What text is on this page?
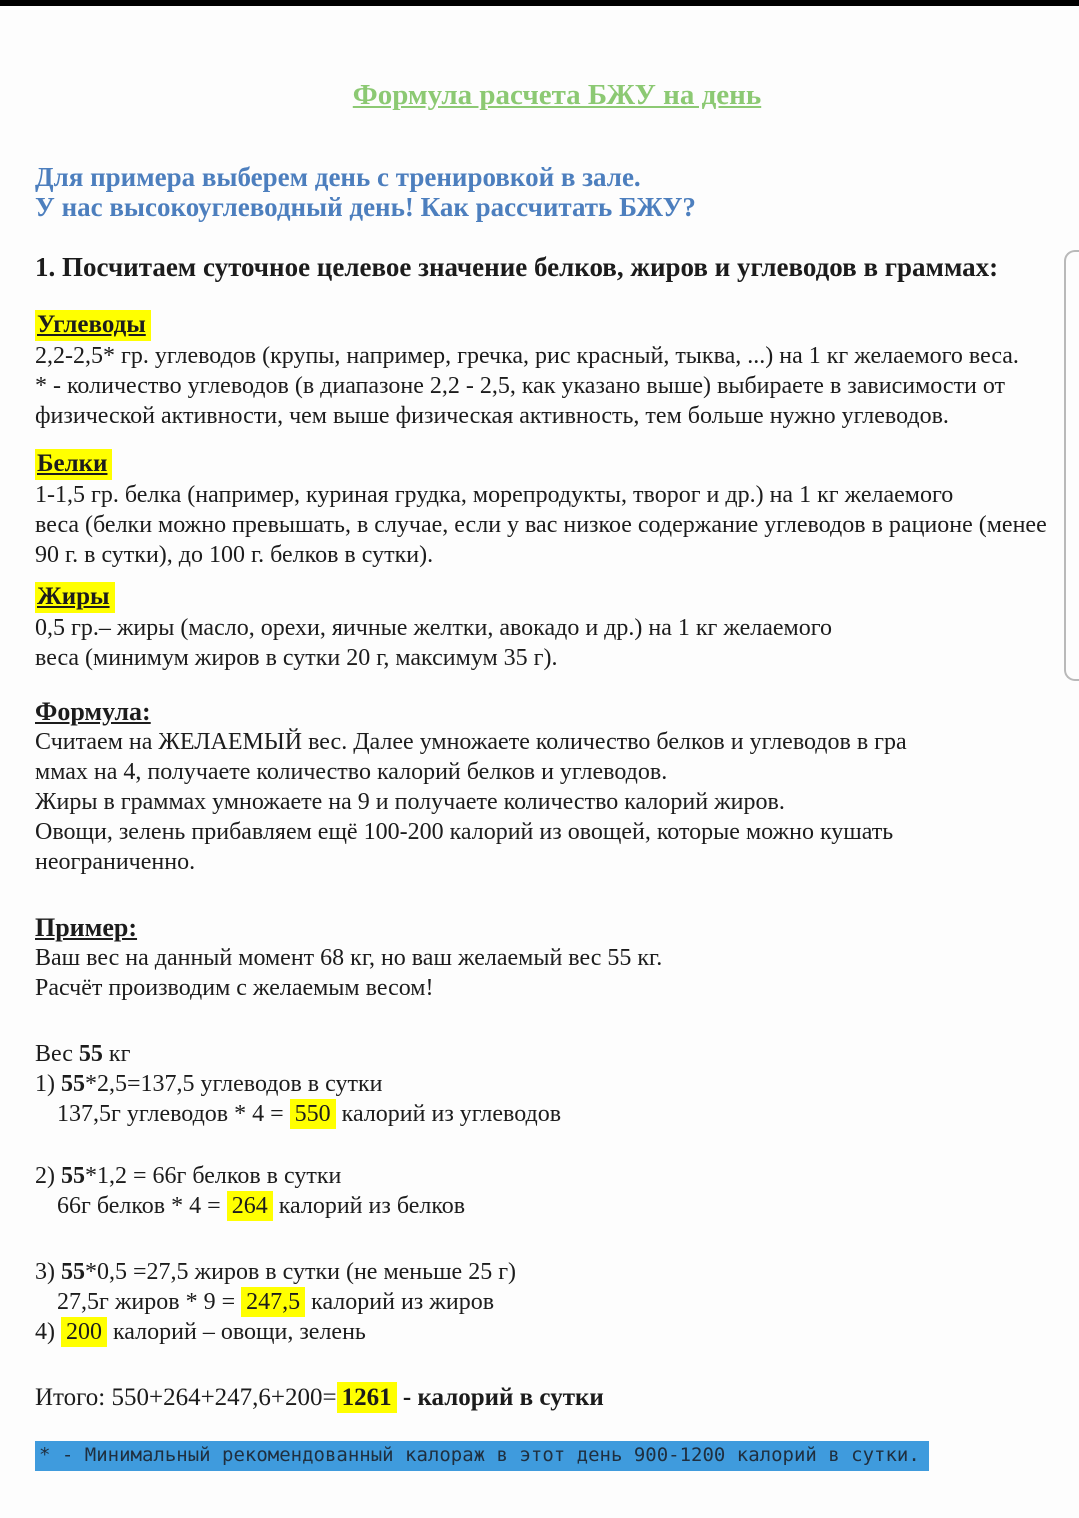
Формула расчета БЖУ на день
Для примера выберем день с тренировкой в зале.
У нас высокоуглеводный день! Как рассчитать БЖУ?
1. Посчитаем суточное целевое значение белков, жиров и углеводов в граммах:
Углеводы
2,2-2,5* гр. углеводов (крупы, например, гречка, рис красный, тыква, ...) на 1 кг желаемого веса.
* - количество углеводов (в диапазоне 2,2 - 2,5, как указано выше) выбираете в зависимости от
физической активности, чем выше физическая активность, тем больше нужно углеводов.
Белки
1-1,5 гр. белка (например, куриная грудка, морепродукты, творог и др.) на 1 кг желаемого
веса (белки можно превышать, в случае, если у вас низкое содержание углеводов в рационе (менее
90 г. в сутки), до 100 г. белков в сутки).
Жиры
0,5 гр.– жиры (масло, орехи, яичные желтки, авокадо и др.) на 1 кг желаемого
веса (минимум жиров в сутки 20 г, максимум 35 г).
Формула:
Считаем на ЖЕЛАЕМЫЙ вес. Далее умножаете количество белков и углеводов в гра
ммах на 4, получаете количество калорий белков и углеводов.
Жиры в граммах умножаете на 9 и получаете количество калорий жиров.
Овощи, зелень прибавляем ещё 100-200 калорий из овощей, которые можно кушать
неограниченно.
Пример:
Ваш вес на данный момент 68 кг, но ваш желаемый вес 55 кг.
Расчёт производим с желаемым весом!
Вес 55 кг
1) 55*2,5=137,5 углеводов в сутки
137,5г углеводов * 4 = 550 калорий из углеводов
2) 55*1,2 = 66г белков в сутки
66г белков * 4 = 264 калорий из белков
3) 55*0,5 =27,5 жиров в сутки (не меньше 25 г)
27,5г жиров * 9 = 247,5 калорий из жиров
4) 200 калорий – овощи, зелень
Итого: 550+264+247,6+200= 1261 - калорий в сутки
* - Минимальный рекомендованный калораж в этот день 900-1200 калорий в сутки.
